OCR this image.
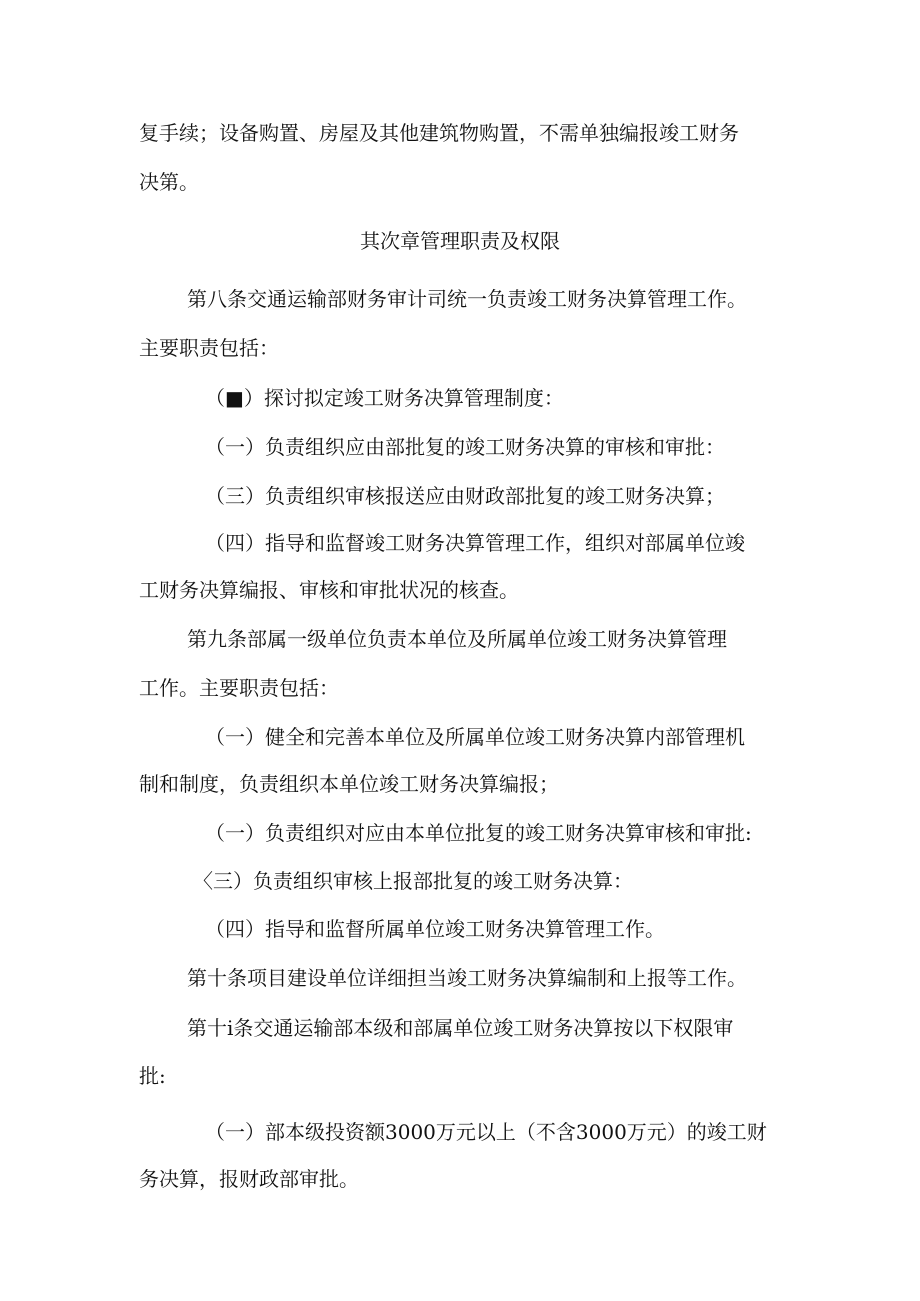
复手续；设备购置、房屋及其他建筑物购置，不需单独编报竣工财务
决第。
其次章管理职责及权限
第八条交通运输部财务审计司统一负责竣工财务决算管理工作。
主要职责包括：
（■）探讨拟定竣工财务决算管理制度：
（一）负责组织应由部批复的竣工财务决算的审核和审批：
（三）负责组织审核报送应由财政部批复的竣工财务决算；
（四）指导和监督竣工财务决算管理工作，组织对部属单位竣
工财务决算编报、审核和审批状况的核查。
第九条部属一级单位负责本单位及所属单位竣工财务决算管理
工作。主要职责包括：
（一）健全和完善本单位及所属单位竣工财务决算内部管理机
制和制度，负责组织本单位竣工财务决算编报；
（一）负责组织对应由本单位批复的竣工财务决算审核和审批:
〈三）负责组织审核上报部批复的竣工财务决算：
（四）指导和监督所属单位竣工财务决算管理工作。
第十条项目建设单位详细担当竣工财务决算编制和上报等工作。
第十i条交通运输部本级和部属单位竣工财务决算按以下权限审
批:
（一）部本级投资额3000万元以上（不含3000万元）的竣工财
务决算，报财政部审批。
